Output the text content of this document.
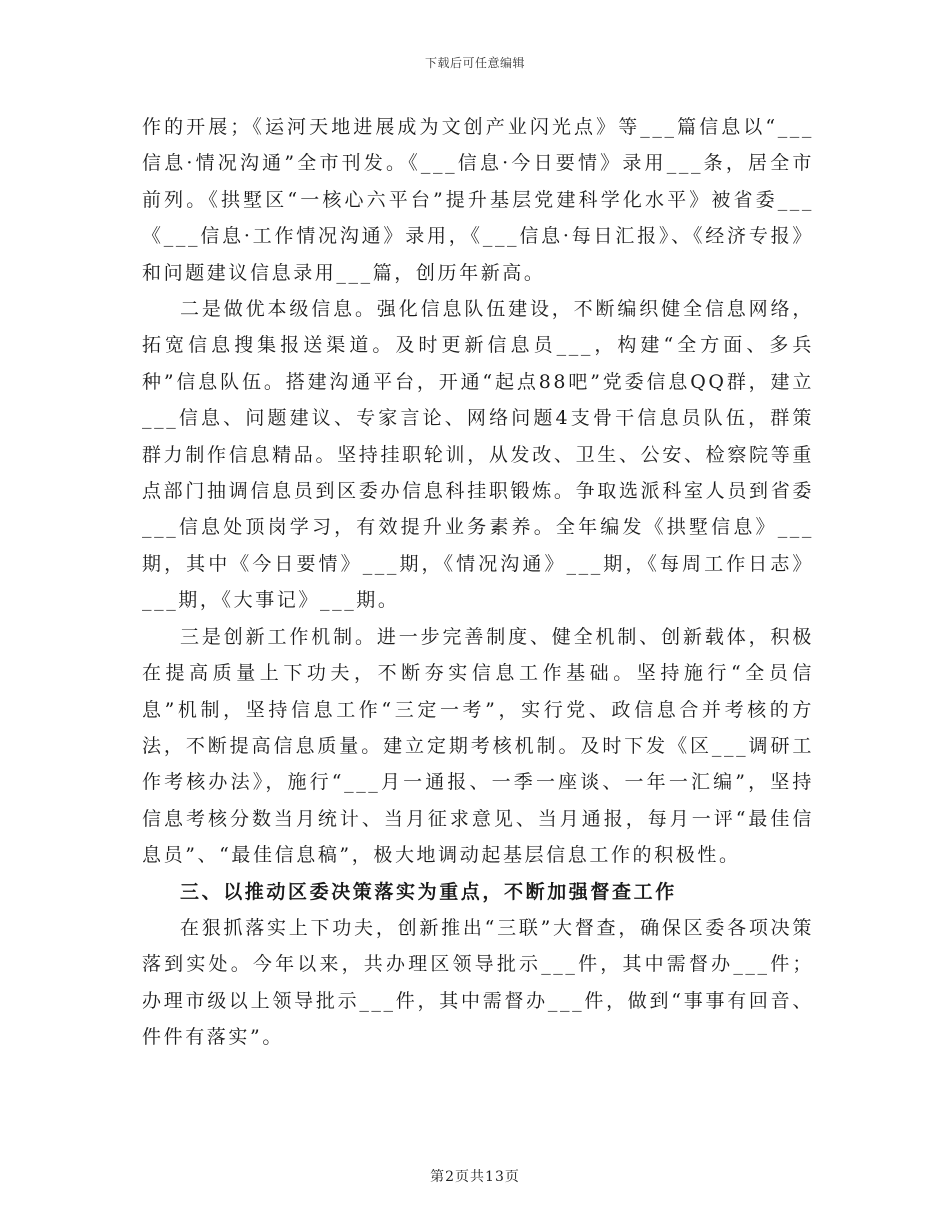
下载后可任意编辑

作的开展；《运河天地进展成为文创产业闪光点》等___篇信息以“___信息·情况沟通”全市刊发。《___信息·今日要情》录用___条，居全市前列。《拱墅区“一核心六平台”提升基层党建科学化水平》被省委___《___信息·工作情况沟通》录用，《___信息·每日汇报》、《经济专报》和问题建议信息录用___篇，创历年新高。

二是做优本级信息。强化信息队伍建设，不断编织健全信息网络，拓宽信息搜集报送渠道。及时更新信息员___，构建“全方面、多兵种”信息队伍。搭建沟通平台，开通“起点88吧”党委信息QQ群，建立___信息、问题建议、专家言论、网络问题4支骨干信息员队伍，群策群力制作信息精品。坚持挂职轮训，从发改、卫生、公安、检察院等重点部门抽调信息员到区委办信息科挂职锻炼。争取选派科室人员到省委___信息处顶岗学习，有效提升业务素养。全年编发《拱墅信息》___期，其中《今日要情》___期，《情况沟通》___期，《每周工作日志》___期，《大事记》___期。

三是创新工作机制。进一步完善制度、健全机制、创新载体，积极在提高质量上下功夫，不断夯实信息工作基础。坚持施行“全员信息”机制，坚持信息工作“三定一考”，实行党、政信息合并考核的方法，不断提高信息质量。建立定期考核机制。及时下发《区___调研工作考核办法》，施行“___月一通报、一季一座谈、一年一汇编”，坚持信息考核分数当月统计、当月征求意见、当月通报，每月一评“最佳信息员”、“最佳信息稿”，极大地调动起基层信息工作的积极性。

三、以推动区委决策落实为重点，不断加强督查工作

在狠抓落实上下功夫，创新推出“三联”大督查，确保区委各项决策落到实处。今年以来，共办理区领导批示___件，其中需督办___件；办理市级以上领导批示___件，其中需督办___件，做到“事事有回音、件件有落实”。

第2页共13页
